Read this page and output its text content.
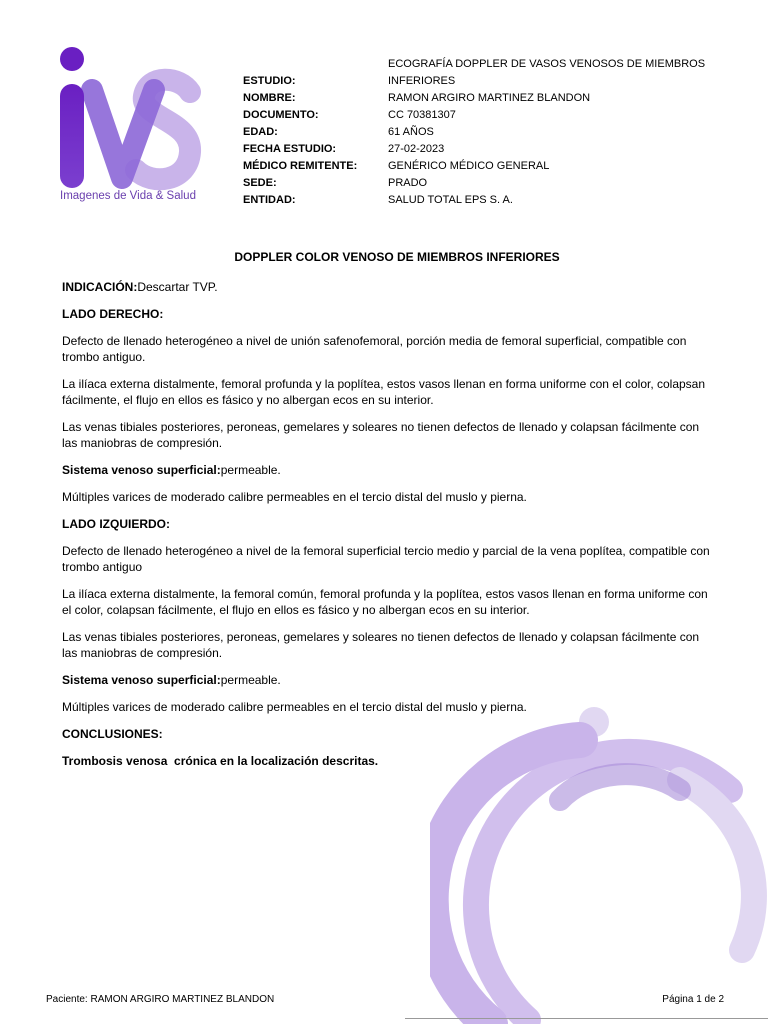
Imagenes de Vida & Salud
ESTUDIO:	ECOGRAFÍA DOPPLER DE VASOS VENOSOS DE MIEMBROS INFERIORES
NOMBRE:	RAMON ARGIRO MARTINEZ BLANDON
DOCUMENTO:	CC 70381307
EDAD:	61 AÑOS
FECHA ESTUDIO:	27-02-2023
MÉDICO REMITENTE:	GENÉRICO MÉDICO GENERAL
SEDE:	PRADO
ENTIDAD:	SALUD TOTAL EPS S. A.
DOPPLER COLOR VENOSO DE MIEMBROS INFERIORES

INDICACIÓN:Descartar TVP.

LADO DERECHO:

Defecto de llenado heterogéneo a nivel de unión safenofemoral, porción media de femoral superficial, compatible con trombo antiguo.

La ilíaca externa distalmente, femoral profunda y la poplítea, estos vasos llenan en forma uniforme con el color, colapsan fácilmente, el flujo en ellos es fásico y no albergan ecos en su interior.

Las venas tibiales posteriores, peroneas, gemelares y soleares no tienen defectos de llenado y colapsan fácilmente con las maniobras de compresión.

Sistema venoso superficial:permeable.

Múltiples varices de moderado calibre permeables en el tercio distal del muslo y pierna.

LADO IZQUIERDO:

Defecto de llenado heterogéneo a nivel de la femoral superficial tercio medio y parcial de la vena poplítea, compatible con trombo antiguo

La ilíaca externa distalmente, la femoral común, femoral profunda y la poplítea, estos vasos llenan en forma uniforme con el color, colapsan fácilmente, el flujo en ellos es fásico y no albergan ecos en su interior.

Las venas tibiales posteriores, peroneas, gemelares y soleares no tienen defectos de llenado y colapsan fácilmente con las maniobras de compresión.

Sistema venoso superficial:permeable.

Múltiples varices de moderado calibre permeables en el tercio distal del muslo y pierna.

CONCLUSIONES:

Trombosis venosa  crónica en la localización descritas.

Paciente: RAMON ARGIRO MARTINEZ BLANDON	Página 1 de 2
